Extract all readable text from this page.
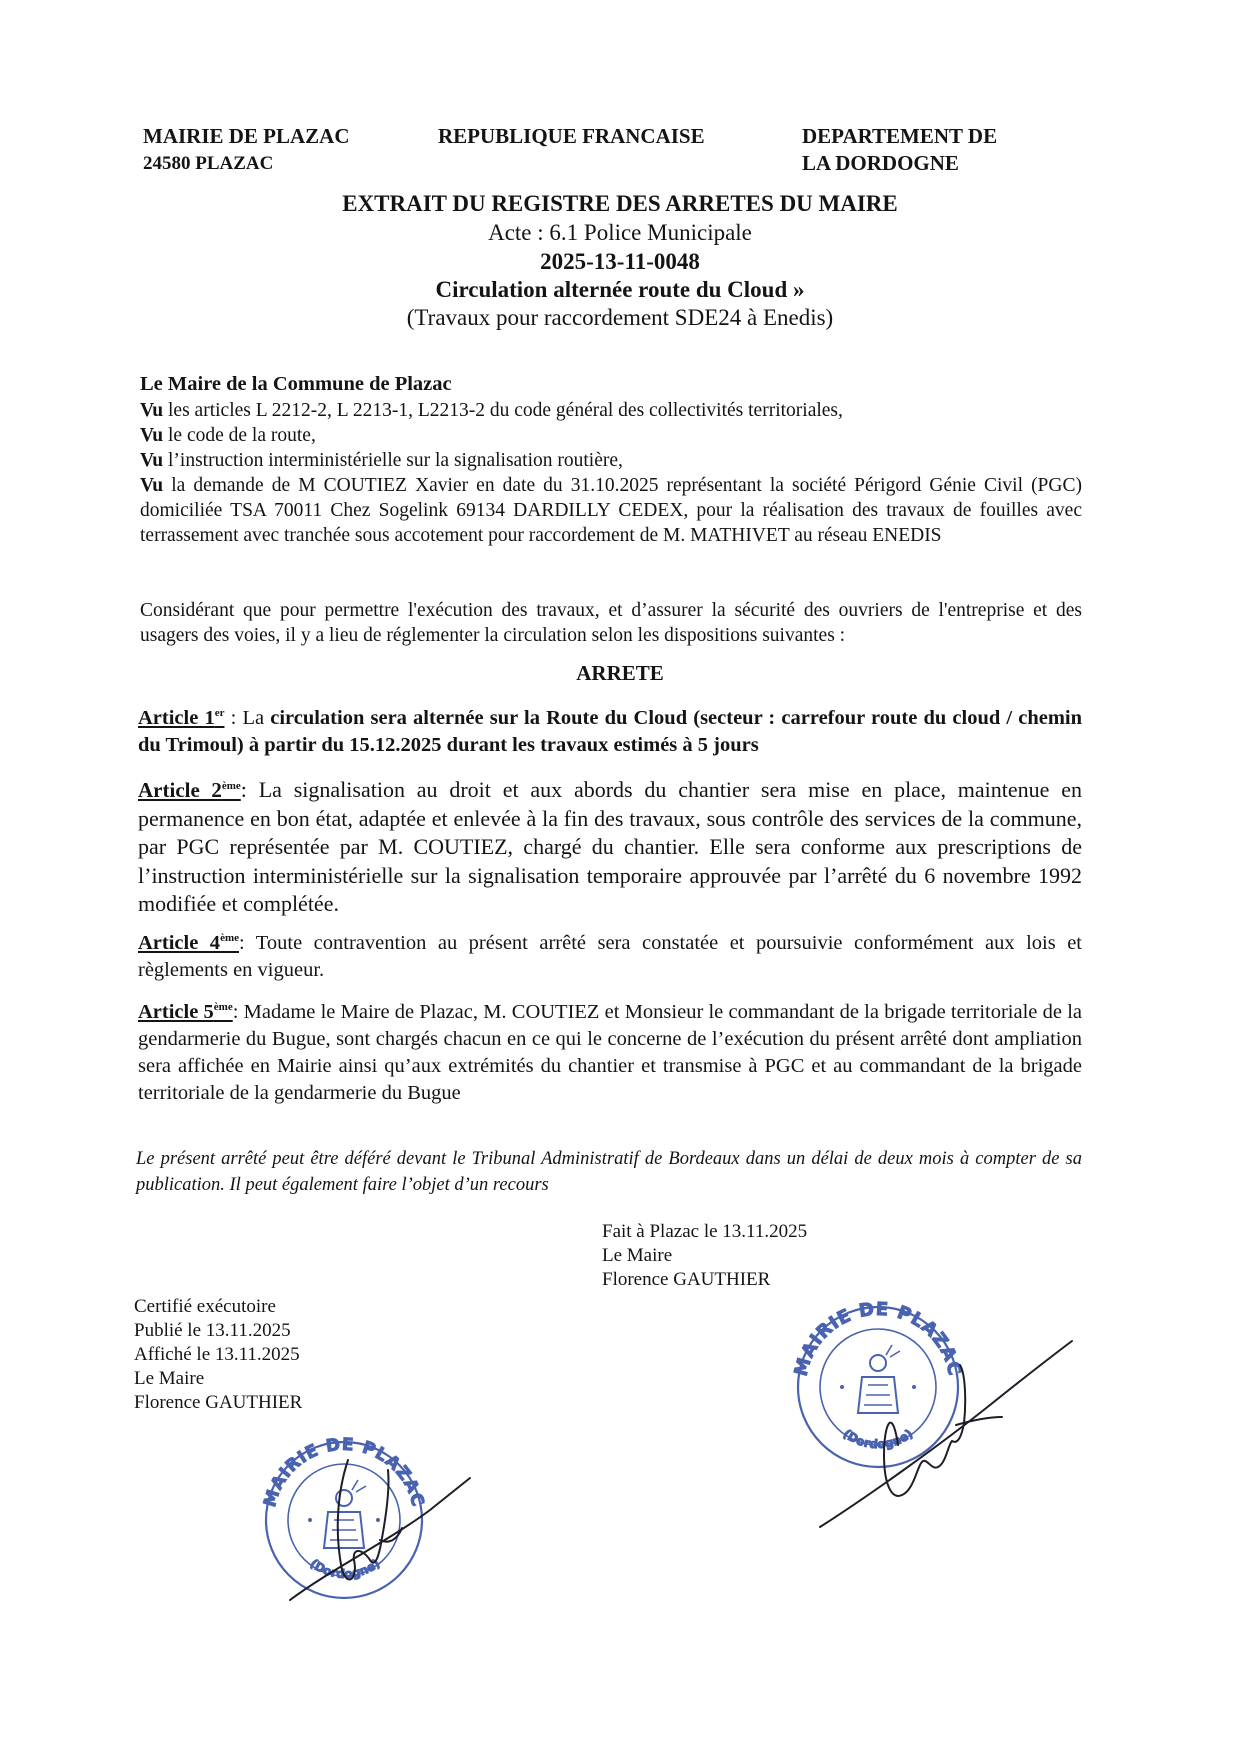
MAIRIE DE PLAZAC
24580 PLAZAC
REPUBLIQUE FRANCAISE	DEPARTEMENT DE
LA DORDOGNE
EXTRAIT DU REGISTRE DES ARRETES DU MAIRE
Acte : 6.1 Police Municipale
2025-13-11-0048
Circulation alternée route du Cloud »
(Travaux pour raccordement SDE24 à Enedis)
Le Maire de la Commune de Plazac
Vu les articles L 2212-2, L 2213-1, L2213-2 du code général des collectivités territoriales,
Vu le code de la route,
Vu l’instruction interministérielle sur la signalisation routière,
Vu la demande de M COUTIEZ Xavier en date du 31.10.2025 représentant la société Périgord Génie Civil (PGC) domiciliée TSA 70011 Chez Sogelink 69134 DARDILLY CEDEX, pour la réalisation des travaux de fouilles avec terrassement avec tranchée sous accotement pour raccordement de M. MATHIVET au réseau ENEDIS
Considérant que pour permettre l'exécution des travaux, et d’assurer la sécurité des ouvriers de l'entreprise et des usagers des voies, il y a lieu de réglementer la circulation selon les dispositions suivantes :
ARRETE
Article 1er : La circulation sera alternée sur la Route du Cloud (secteur : carrefour route du cloud / chemin du Trimoul) à partir du 15.12.2025 durant les travaux estimés à 5 jours
Article 2ème: La signalisation au droit et aux abords du chantier sera mise en place, maintenue en permanence en bon état, adaptée et enlevée à la fin des travaux, sous contrôle des services de la commune, par PGC représentée par M. COUTIEZ, chargé du chantier. Elle sera conforme aux prescriptions de l’instruction interministérielle sur la signalisation temporaire approuvée par l’arrêté du 6 novembre 1992 modifiée et complétée.
Article 4ème: Toute contravention au présent arrêté sera constatée et poursuivie conformément aux lois et règlements en vigueur.
Article 5ème: Madame le Maire de Plazac, M. COUTIEZ et Monsieur le commandant de la brigade territoriale de la gendarmerie du Bugue, sont chargés chacun en ce qui le concerne de l’exécution du présent arrêté dont ampliation sera affichée en Mairie ainsi qu’aux extrémités du chantier et transmise à PGC et au commandant de la brigade territoriale de la gendarmerie du Bugue
Le présent arrêté peut être déféré devant le Tribunal Administratif de Bordeaux dans un délai de deux mois à compter de sa publication. Il peut également faire l’objet d’un recours
Fait à Plazac le 13.11.2025
Le Maire
Florence GAUTHIER
Certifié exécutoire
Publié le 13.11.2025
Affiché le 13.11.2025
Le Maire
Florence GAUTHIER
MAIRIE DE PLAZAC
(Dordogne)
MAIRIE DE PLAZAC
(Dordogne)
